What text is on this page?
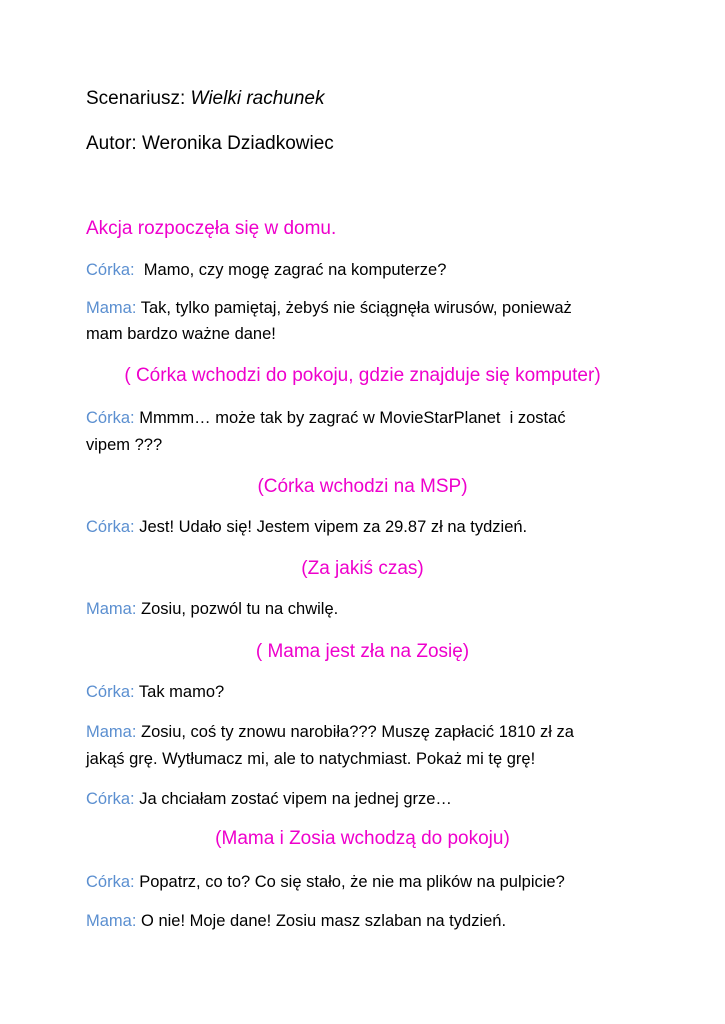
Scenariusz: Wielki rachunek
Autor: Weronika Dziadkowiec
Akcja rozpoczęła się w domu.
Córka:  Mamo, czy mogę zagrać na komputerze?
Mama: Tak, tylko pamiętaj, żebyś nie ściągnęła wirusów, ponieważ
mam bardzo ważne dane!
( Córka wchodzi do pokoju, gdzie znajduje się komputer)
Córka: Mmmm… może tak by zagrać w MovieStarPlanet  i zostać
vipem ???
(Córka wchodzi na MSP)
Córka: Jest! Udało się! Jestem vipem za 29.87 zł na tydzień.
(Za jakiś czas)
Mama: Zosiu, pozwól tu na chwilę.
( Mama jest zła na Zosię)
Córka: Tak mamo?
Mama: Zosiu, coś ty znowu narobiła??? Muszę zapłacić 1810 zł za
jakąś grę. Wytłumacz mi, ale to natychmiast. Pokaż mi tę grę!
Córka: Ja chciałam zostać vipem na jednej grze…
(Mama i Zosia wchodzą do pokoju)
Córka: Popatrz, co to? Co się stało, że nie ma plików na pulpicie?
Mama: O nie! Moje dane! Zosiu masz szlaban na tydzień.
